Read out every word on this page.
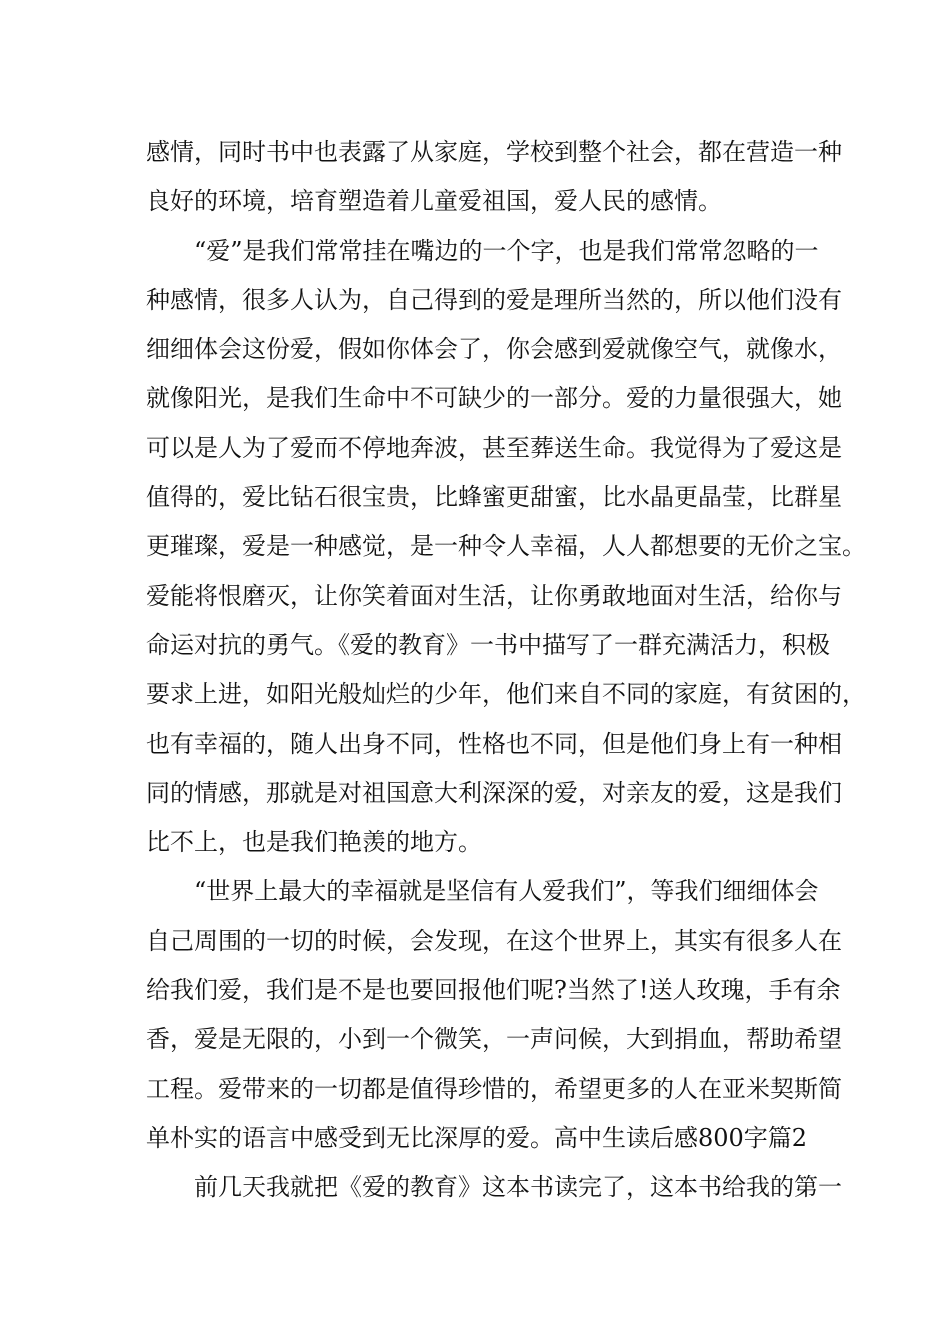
感情，同时书中也表露了从家庭，学校到整个社会，都在营造一种
良好的环境，培育塑造着儿童爱祖国，爱人民的感情。
“爱”是我们常常挂在嘴边的一个字，也是我们常常忽略的一
种感情，很多人认为，自己得到的爱是理所当然的，所以他们没有
细细体会这份爱，假如你体会了，你会感到爱就像空气，就像水，
就像阳光，是我们生命中不可缺少的一部分。爱的力量很强大，她
可以是人为了爱而不停地奔波，甚至葬送生命。我觉得为了爱这是
值得的，爱比钻石很宝贵，比蜂蜜更甜蜜，比水晶更晶莹，比群星
更璀璨，爱是一种感觉，是一种令人幸福，人人都想要的无价之宝。
爱能将恨磨灭，让你笑着面对生活，让你勇敢地面对生活，给你与
命运对抗的勇气。《爱的教育》一书中描写了一群充满活力，积极
要求上进，如阳光般灿烂的少年，他们来自不同的家庭，有贫困的，
也有幸福的，随人出身不同，性格也不同，但是他们身上有一种相
同的情感，那就是对祖国意大利深深的爱，对亲友的爱，这是我们
比不上，也是我们艳羡的地方。
“世界上最大的幸福就是坚信有人爱我们”，等我们细细体会
自己周围的一切的时候，会发现，在这个世界上，其实有很多人在
给我们爱，我们是不是也要回报他们呢?当然了!送人玫瑰，手有余
香，爱是无限的，小到一个微笑，一声问候，大到捐血，帮助希望
工程。爱带来的一切都是值得珍惜的，希望更多的人在亚米契斯简
单朴实的语言中感受到无比深厚的爱。高中生读后感800字篇2
前几天我就把《爱的教育》这本书读完了，这本书给我的第一
